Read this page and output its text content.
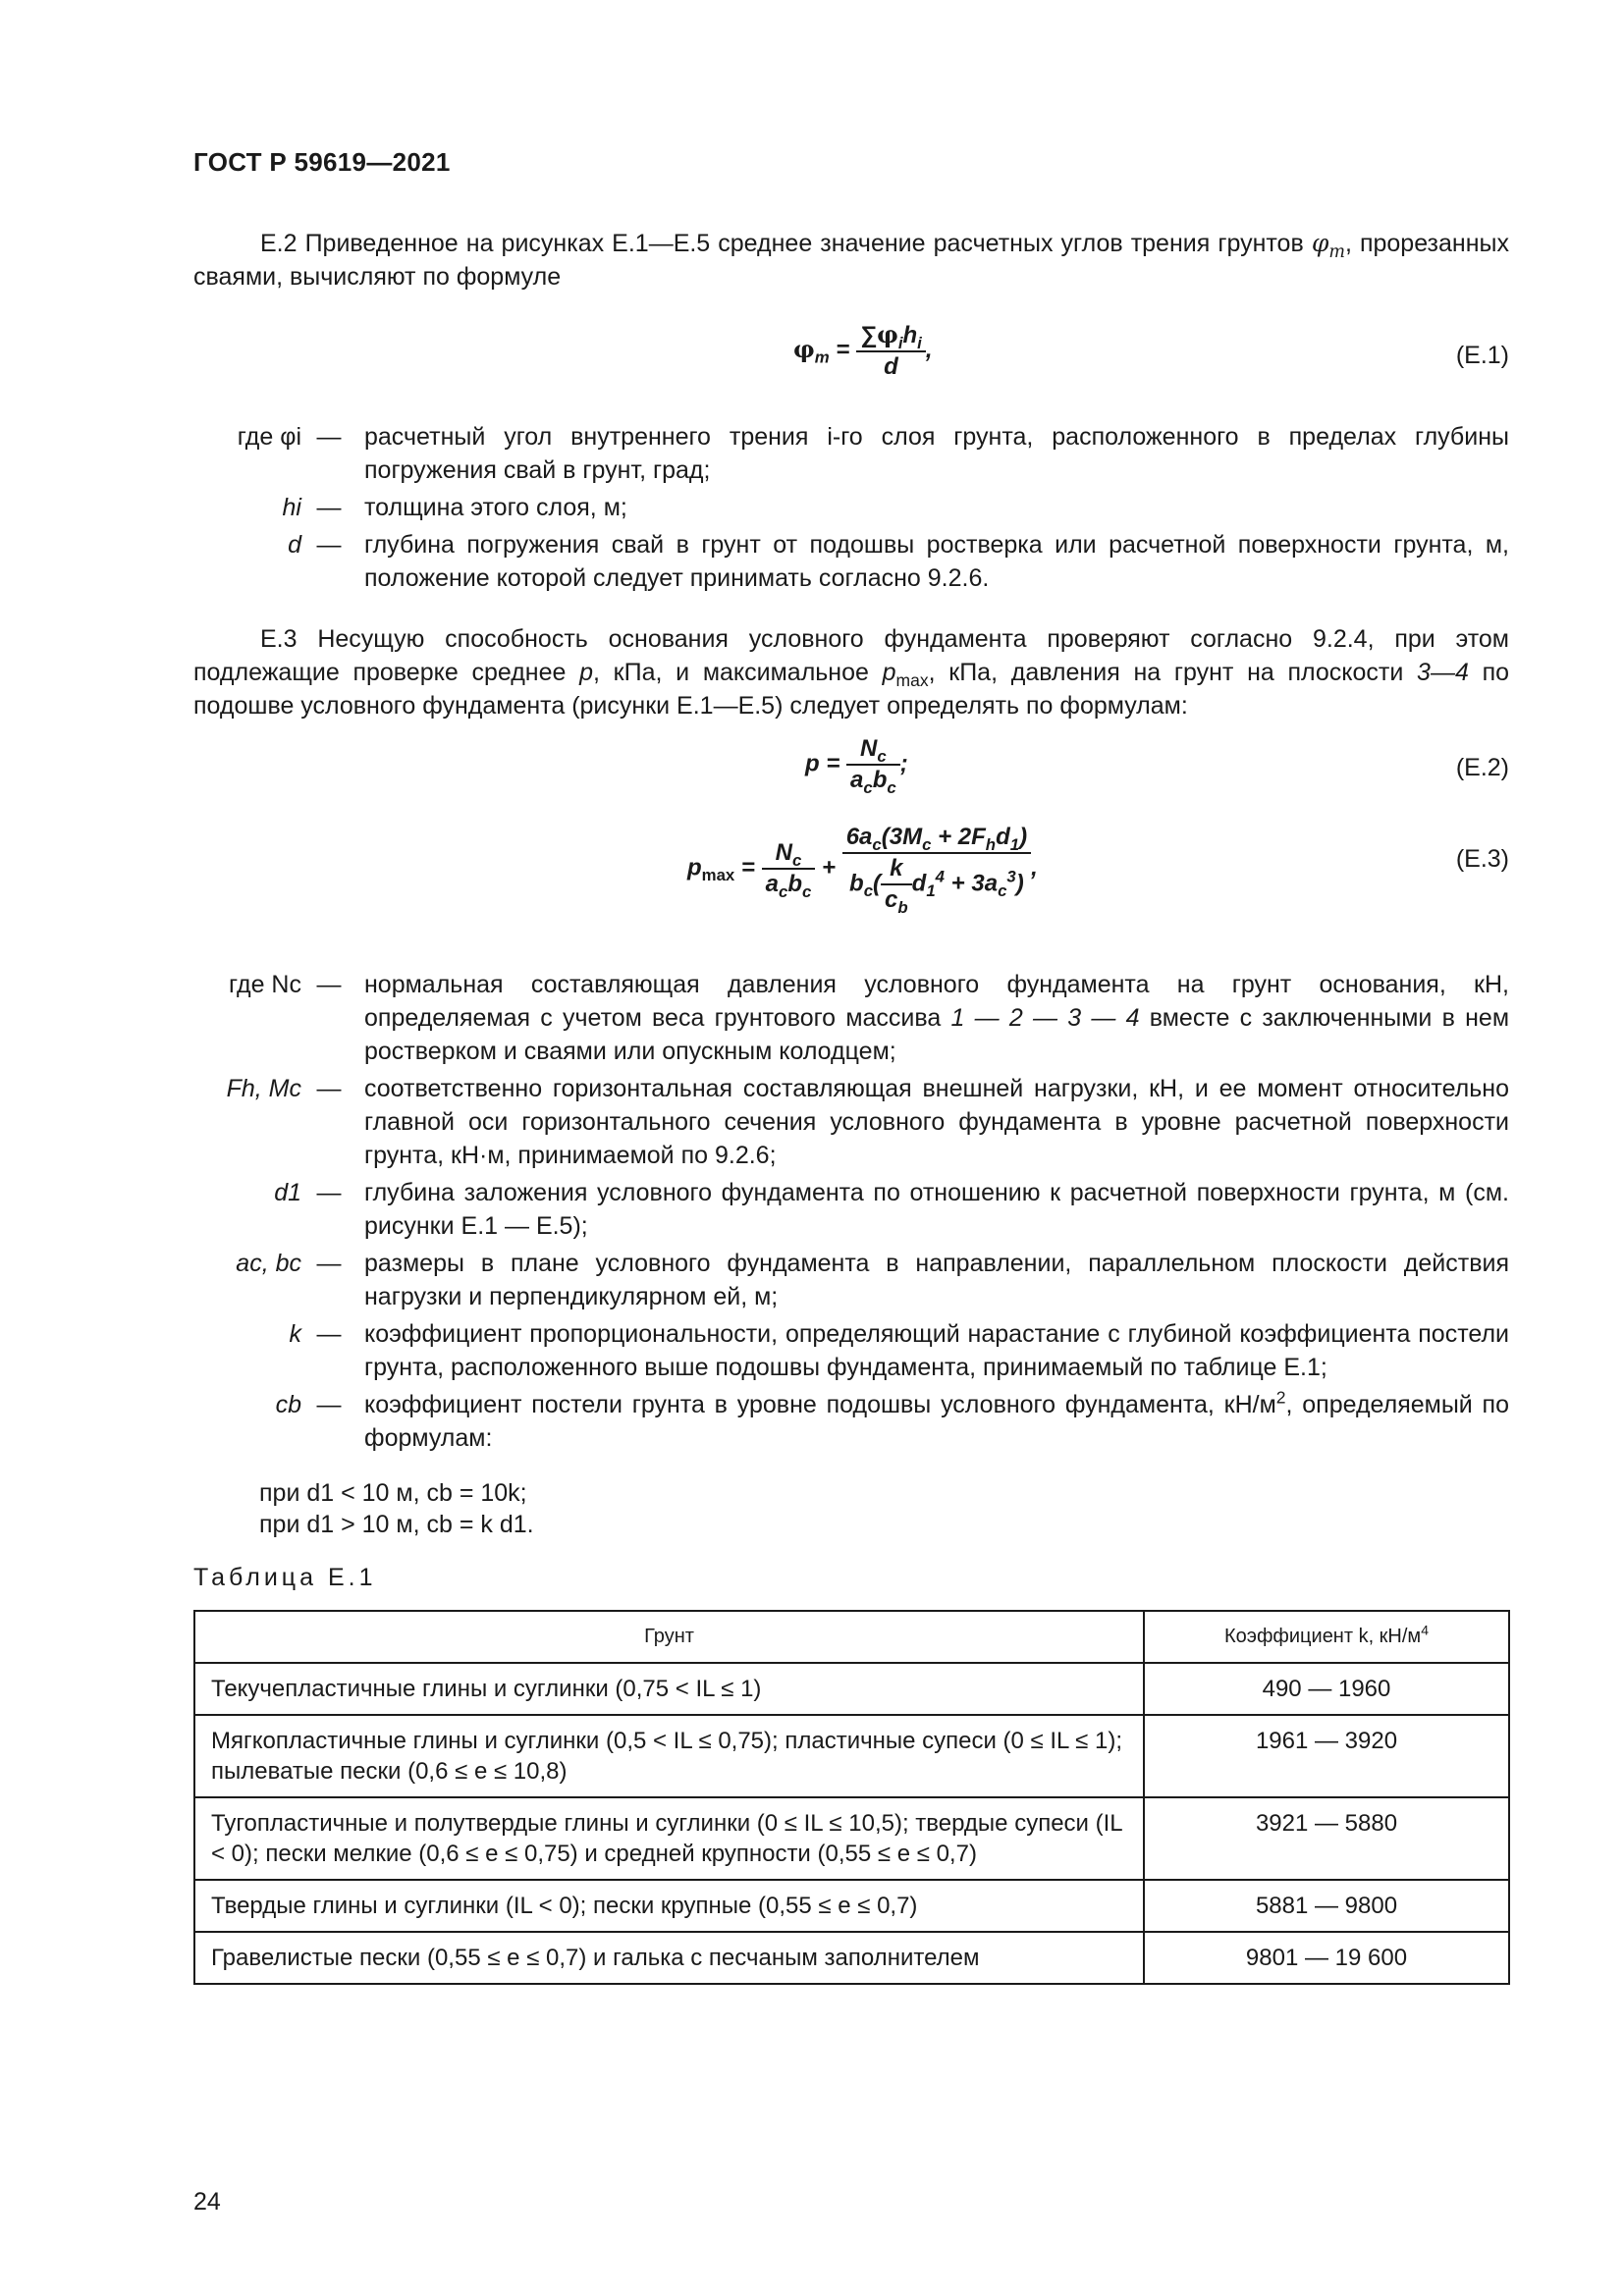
ГОСТ Р 59619—2021
Е.2 Приведенное на рисунках Е.1—Е.5 среднее значение расчетных углов трения грунтов $\varphi_m$, прорезанных сваями, вычисляют по формуле
$\varphi_m = \frac{\sum\varphi_ih_i}{d}$ ,	(Е.1)
где φi — расчетный угол внутреннего трения i-го слоя грунта, расположенного в пределах глубины погружения свай в грунт, град;
hi — толщина этого слоя, м;
d — глубина погружения свай в грунт от подошвы ростверка или расчетной поверхности грунта, м, положение которой следует принимать согласно 9.2.6.
Е.3 Несущую способность основания условного фундамента проверяют согласно 9.2.4, при этом подлежащие проверке среднее p, кПа, и максимальное $p_{max}$, кПа, давления на грунт на плоскости 3—4 по подошве условного фундамента (рисунки Е.1—Е.5) следует определять по формулам:
$p = \frac{N_c}{a_cb_c}$ ;	(Е.2)
$p_{max} = \frac{N_c}{a_cb_c} + \frac{6a_c(3M_c + 2F_hd_1)}{b_c( \frac{k}{c_b} d_1^4 + 3a_c^3)}$ ,	(Е.3)
где Nc — нормальная составляющая давления условного фундамента на грунт основания, кН, определяемая с учетом веса грунтового массива 1 — 2 — 3 — 4 вместе с заключенными в нем ростверком и сваями или опускным колодцем;
Fh, Mc — соответственно горизонтальная составляющая внешней нагрузки, кН, и ее момент относительно главной оси горизонтального сечения условного фундамента в уровне расчетной поверхности грунта, кН·м, принимаемой по 9.2.6;
d1 — глубина заложения условного фундамента по отношению к расчетной поверхности грунта, м (см. рисунки Е.1 — Е.5);
ac, bc — размеры в плане условного фундамента в направлении, параллельном плоскости действия нагрузки и перпендикулярном ей, м;
k — коэффициент пропорциональности, определяющий нарастание с глубиной коэффициента постели грунта, расположенного выше подошвы фундамента, принимаемый по таблице Е.1;
cb — коэффициент постели грунта в уровне подошвы условного фундамента, $кН/м^2$, определяемый по формулам:
при d1 < 10 м, cb = 10k;
при d1 > 10 м, cb = k d1.
Таблица Е.1
Грунт	Коэффициент k, $кН/м^4$
Текучепластичные глины и суглинки (0,75 < IL ≤ 1)	490 — 1960
Мягкопластичные глины и суглинки (0,5 < IL ≤ 0,75); пластичные супеси (0 ≤ IL ≤ 1); пылеватые пески (0,6 ≤ e ≤ 10,8)	1961 — 3920
Тугопластичные и полутвердые глины и суглинки (0 ≤ IL ≤ 10,5); твердые супеси (IL < 0); пески мелкие (0,6 ≤ e ≤ 0,75) и средней крупности (0,55 ≤ e ≤ 0,7)	3921 — 5880
Твердые глины и суглинки (IL < 0); пески крупные (0,55 ≤ e ≤ 0,7)	5881 — 9800
Гравелистые пески (0,55 ≤ e ≤ 0,7) и галька с песчаным заполнителем	9801 — 19 600
24
